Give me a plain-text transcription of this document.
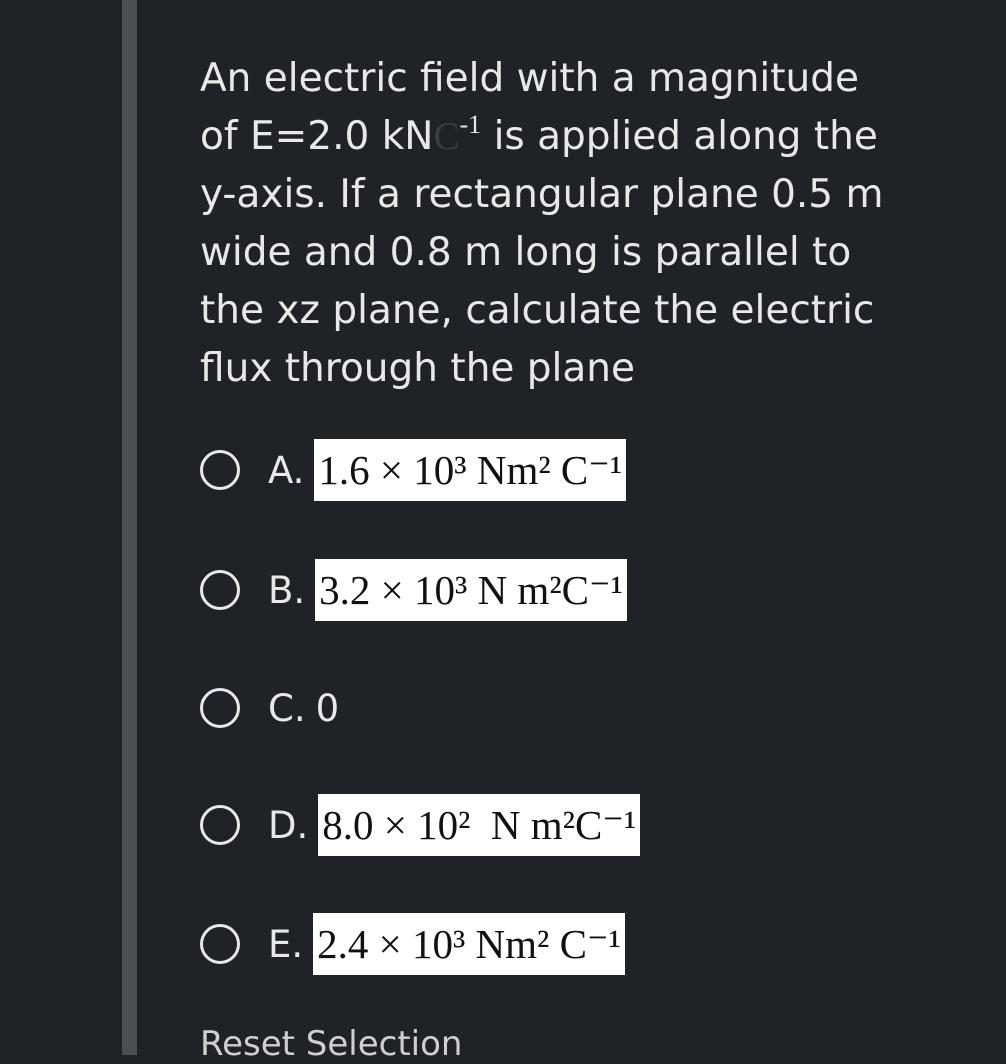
An electric field with a magnitude
of E=2.0 kNC$^{-1}$ is applied along the
y-axis. If a rectangular plane 0.5 m
wide and 0.8 m long is parallel to
the xz plane, calculate the electric
flux through the plane

A. 1.6 × 10³ Nm² C⁻¹
B. 3.2 × 10³ N m²C⁻¹
C. 0
D. 8.0 × 10²  N m²C⁻¹
E. 2.4 × 10³ Nm² C⁻¹
Reset Selection
